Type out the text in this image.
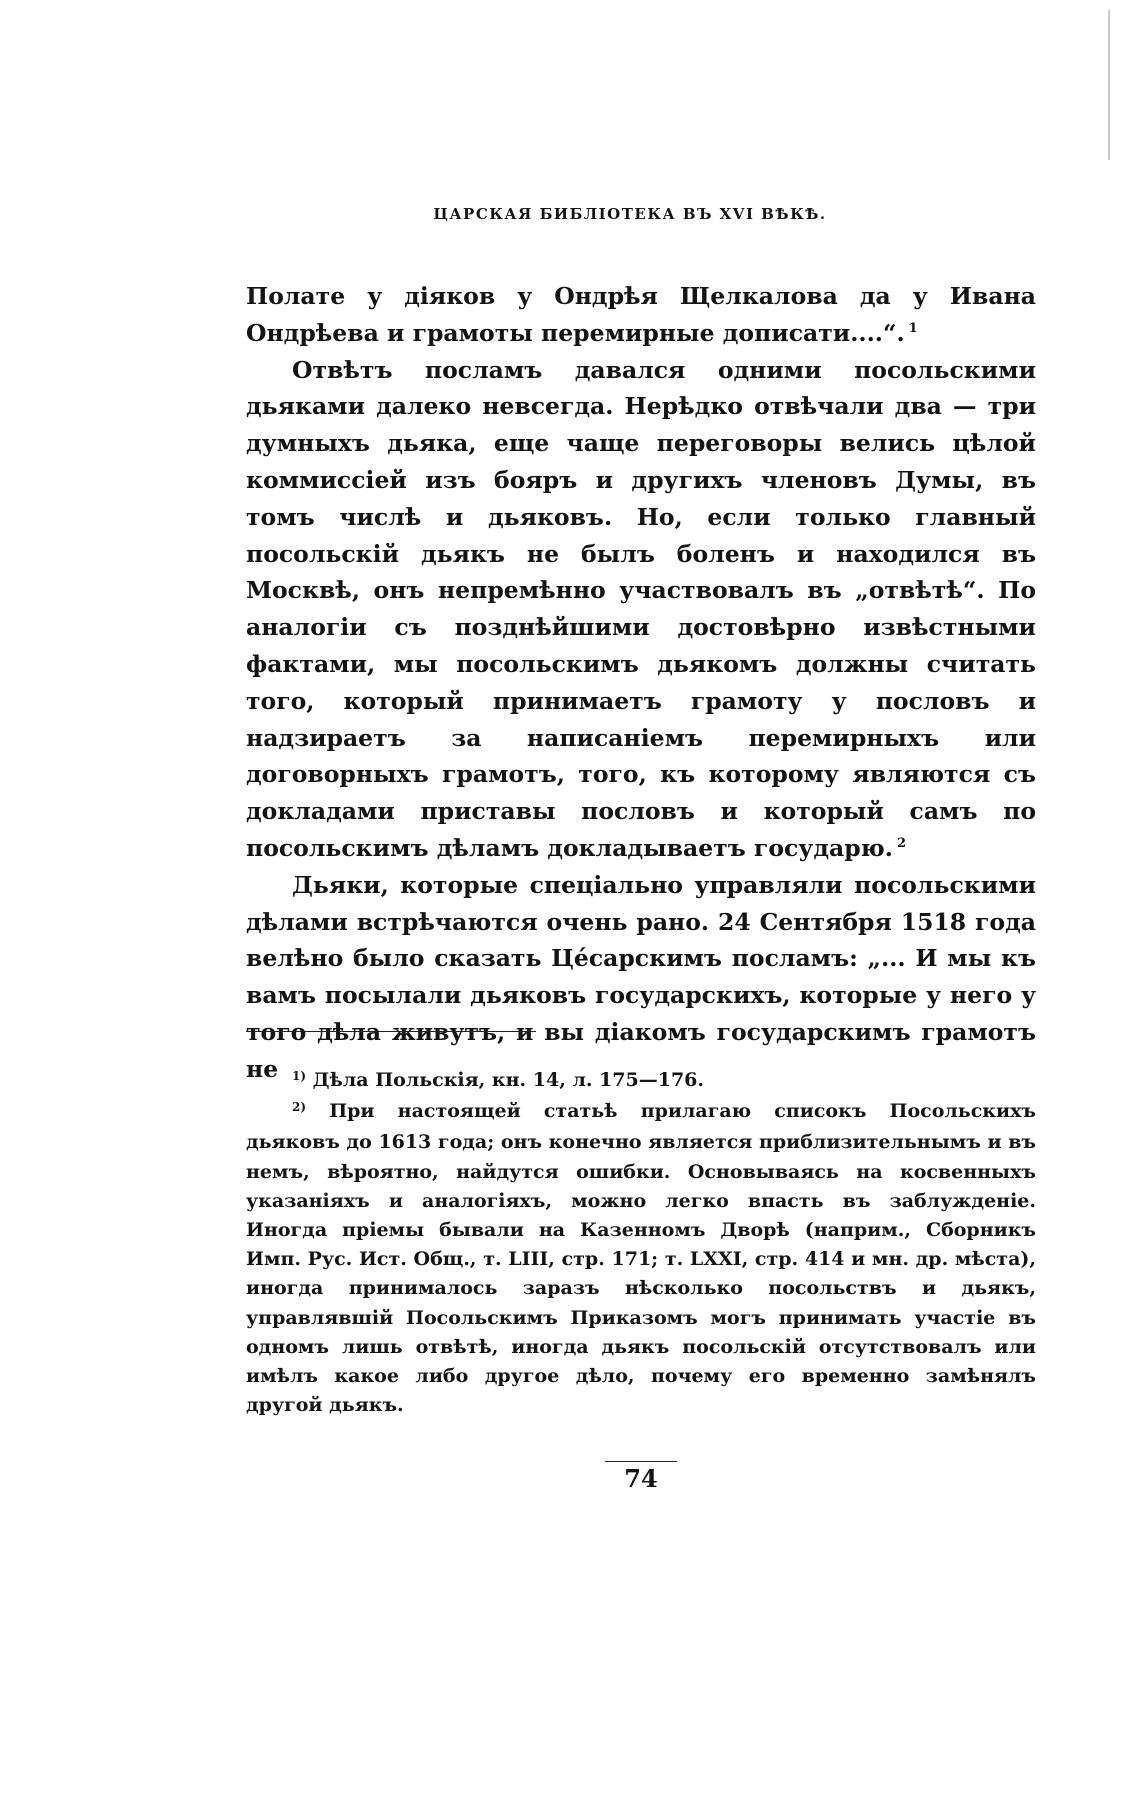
ЦАРСКАЯ БИБЛІОТЕКА ВЪ XVI ВѢКѢ.

Полате у діяков у Ондрѣя Щелкалова да у Ивана Ондрѣева и грамоты перемирные дописати....“. $^1$

Отвѣтъ посламъ давался одними посольскими дьяками далеко невсегда. Нерѣдко отвѣчали два — три думныхъ дьяка, еще чаще переговоры велись цѣлой коммиссiей изъ бояръ и другихъ членовъ Думы, въ томъ числѣ и дьяковъ. Но, если только главный посольскiй дьякъ не былъ боленъ и находился въ Москвѣ, онъ непремѣнно участвовалъ въ „отвѣтѣ“. По аналогiи съ позднѣйшими достовѣрно извѣстными фактами, мы посольскимъ дьякомъ должны считать того, который принимаетъ грамоту у пословъ и надзираетъ за написанiемъ перемирныхъ или договорныхъ грамотъ, того, къ которому являются съ докладами приставы пословъ и который самъ по посольскимъ дѣламъ докладываетъ государю. $^2$

Дьяки, которые спецiально управляли посольскими дѣлами встрѣчаются очень рано. 24 Сентября 1518 года велѣно было сказать Це́сарскимъ посламъ: „... И мы къ вамъ посылали дьяковъ государскихъ, которые у него у того дѣла живутъ, и вы дiакомъ государскимъ грамотъ не	$^{1)}$ Дѣла Польскiя, кн. 14, л. 175—176.

$^{2)}$ При настоящей статьѣ прилагаю списокъ Посольскихъ дьяковъ до 1613 года; онъ конечно является приблизительнымъ и въ немъ, вѣроятно, найдутся ошибки. Основываясь на косвенныхъ указанiяхъ и аналогiяхъ, можно легко впасть въ заблужденiе. Иногда прiемы бывали на Казенномъ Дворѣ (наприм., Сборникъ Имп. Рус. Ист. Общ., т. LIII, стр. 171; т. LXXI, стр. 414 и мн. др. мѣста), иногда принималось заразъ нѣсколько посольствъ и дьякъ, управлявшiй Посольскимъ Приказомъ могъ принимать участiе въ одномъ лишь отвѣтѣ, иногда дьякъ посольскiй отсутствовалъ или имѣлъ какое либо другое дѣло, почему его временно замѣнялъ другой дьякъ.

74
